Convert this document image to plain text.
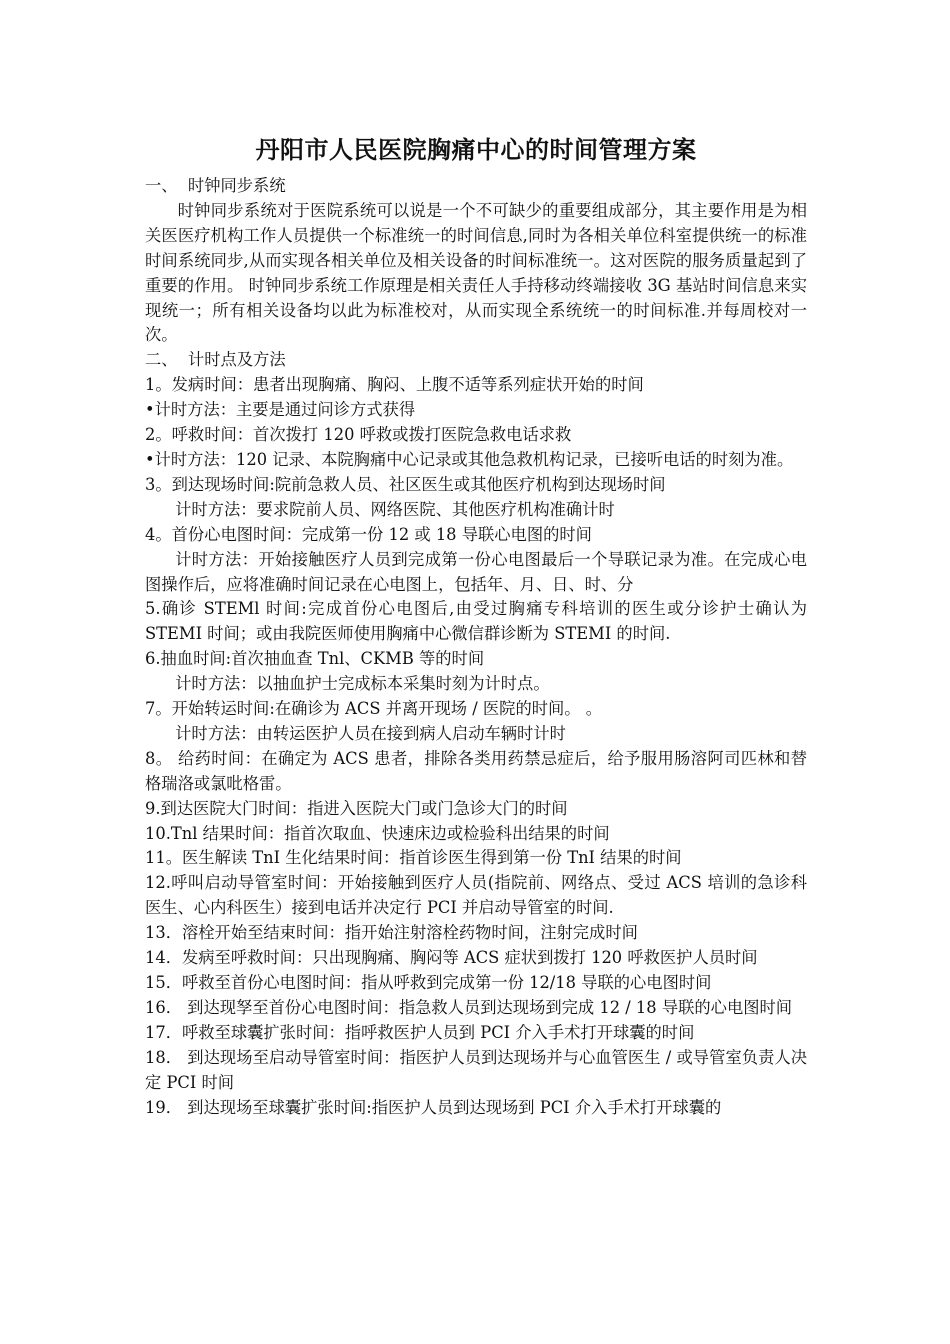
丹阳市人民医院胸痛中心的时间管理方案

一、  时钟同步系统

时钟同步系统对于医院系统可以说是一个不可缺少的重要组成部分，其主要作用是为相关医医疗机构工作人员提供一个标准统一的时间信息,同时为各相关单位科室提供统一的标准时间系统同步,从而实现各相关单位及相关设备的时间标准统一。这对医院的服务质量起到了重要的作用。 时钟同步系统工作原理是相关责任人手持移动终端接收 3G 基站时间信息来实现统一；所有相关设备均以此为标准校对，从而实现全系统统一的时间标准.并每周校对一次。

二、  计时点及方法

1。发病时间：患者出现胸痛、胸闷、上腹不适等系列症状开始的时间

•计时方法：主要是通过问诊方式获得

2。呼救时间：首次拨打 120 呼救或拨打医院急救电话求救

•计时方法：120 记录、本院胸痛中心记录或其他急救机构记录，已接听电话的时刻为准。

3。到达现场时间:院前急救人员、社区医生或其他医疗机构到达现场时间

计时方法：要求院前人员、网络医院、其他医疗机构准确计时

4。首份心电图时间：完成第一份 12 或 18 导联心电图的时间

计时方法：开始接触医疗人员到完成第一份心电图最后一个导联记录为准。在完成心电图操作后，应将准确时间记录在心电图上，包括年、月、日、时、分

5.确诊 STEMl 时间:完成首份心电图后,由受过胸痛专科培训的医生或分诊护士确认为 STEMI 时间；或由我院医师使用胸痛中心微信群诊断为 STEMI 的时间.

6.抽血时间:首次抽血查 Tnl、CKMB 等的时间

计时方法：以抽血护士完成标本采集时刻为计时点。

7。开始转运时间:在确诊为 ACS 并离开现场 / 医院的时间。 。

计时方法：由转运医护人员在接到病人启动车辆时计时

8。 给药时间：在确定为 ACS 患者，排除各类用药禁忌症后，给予服用肠溶阿司匹林和替格瑞洛或氯吡格雷。

9.到达医院大门时间：指进入医院大门或门急诊大门的时间

10.Tnl 结果时间：指首次取血、快速床边或检验科出结果的时间

11。医生解读 TnI 生化结果时间：指首诊医生得到第一份 TnI 结果的时间

12.呼叫启动导管室时间：开始接触到医疗人员(指院前、网络点、受过 ACS 培训的急诊科医生、心内科医生）接到电话并决定行 PCI 并启动导管室的时间.

13．溶栓开始至结束时间：指开始注射溶栓药物时间，注射完成时间

14．发病至呼救时间：只出现胸痛、胸闷等 ACS 症状到拨打 120 呼救医护人员时间

15．呼救至首份心电图时间：指从呼救到完成第一份 12/18 导联的心电图时间

16． 到达现孥至首份心电图时间：指急救人员到达现场到完成 12 / 18 导联的心电图时间

17．呼救至球囊扩张时间：指呼救医护人员到 PCI 介入手术打开球囊的时间

18． 到达现场至启动导管室时间：指医护人员到达现场并与心血管医生 / 或导管室负责人决定 PCI 时间

19． 到达现场至球囊扩张时间:指医护人员到达现场到 PCI 介入手术打开球囊的
